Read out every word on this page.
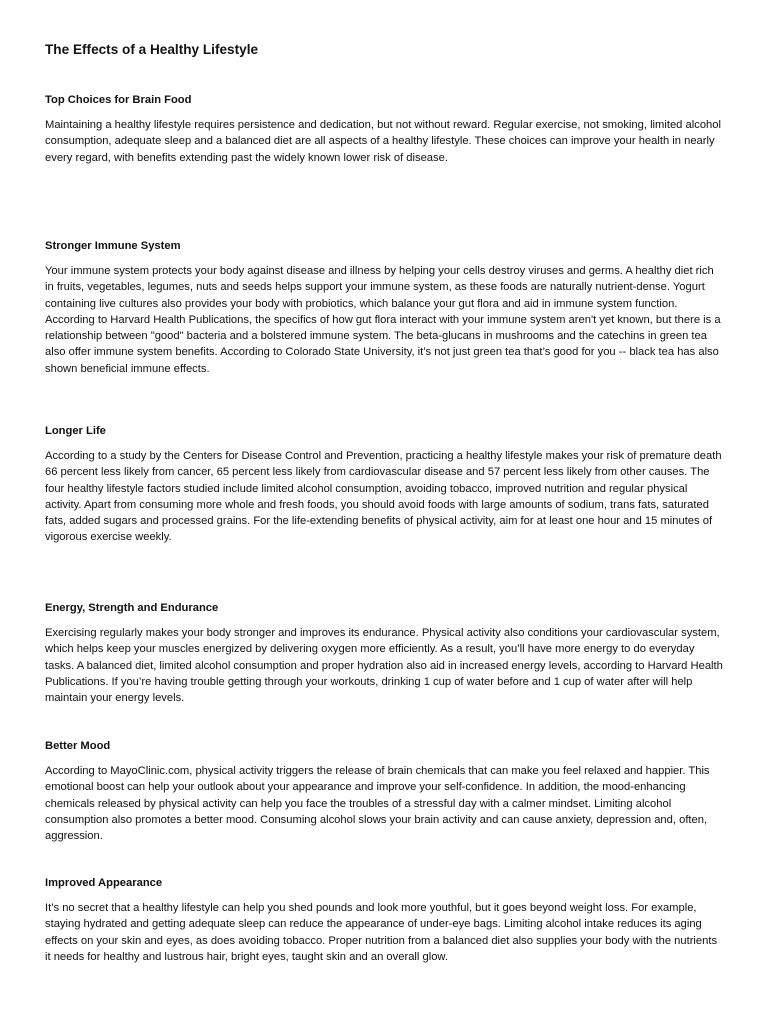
The Effects of a Healthy Lifestyle
Top Choices for Brain Food

Maintaining a healthy lifestyle requires persistence and dedication, but not without reward. Regular exercise, not smoking, limited alcohol consumption, adequate sleep and a balanced diet are all aspects of a healthy lifestyle. These choices can improve your health in nearly every regard, with benefits extending past the widely known lower risk of disease.

Stronger Immune System

Your immune system protects your body against disease and illness by helping your cells destroy viruses and germs. A healthy diet rich in fruits, vegetables, legumes, nuts and seeds helps support your immune system, as these foods are naturally nutrient-dense. Yogurt containing live cultures also provides your body with probiotics, which balance your gut flora and aid in immune system function. According to Harvard Health Publications, the specifics of how gut flora interact with your immune system aren't yet known, but there is a relationship between "good" bacteria and a bolstered immune system. The beta-glucans in mushrooms and the catechins in green tea also offer immune system benefits. According to Colorado State University, it’s not just green tea that’s good for you -- black tea has also shown beneficial immune effects.

Longer Life

According to a study by the Centers for Disease Control and Prevention, practicing a healthy lifestyle makes your risk of premature death 66 percent less likely from cancer, 65 percent less likely from cardiovascular disease and 57 percent less likely from other causes. The four healthy lifestyle factors studied include limited alcohol consumption, avoiding tobacco, improved nutrition and regular physical activity. Apart from consuming more whole and fresh foods, you should avoid foods with large amounts of sodium, trans fats, saturated fats, added sugars and processed grains. For the life-extending benefits of physical activity, aim for at least one hour and 15 minutes of vigorous exercise weekly.

Energy, Strength and Endurance

Exercising regularly makes your body stronger and improves its endurance. Physical activity also conditions your cardiovascular system, which helps keep your muscles energized by delivering oxygen more efficiently. As a result, you’ll have more energy to do everyday tasks. A balanced diet, limited alcohol consumption and proper hydration also aid in increased energy levels, according to Harvard Health Publications. If you’re having trouble getting through your workouts, drinking 1 cup of water before and 1 cup of water after will help maintain your energy levels.

Better Mood

According to MayoClinic.com, physical activity triggers the release of brain chemicals that can make you feel relaxed and happier. This emotional boost can help your outlook about your appearance and improve your self-confidence. In addition, the mood-enhancing chemicals released by physical activity can help you face the troubles of a stressful day with a calmer mindset. Limiting alcohol consumption also promotes a better mood. Consuming alcohol slows your brain activity and can cause anxiety, depression and, often, aggression.

Improved Appearance

It’s no secret that a healthy lifestyle can help you shed pounds and look more youthful, but it goes beyond weight loss. For example, staying hydrated and getting adequate sleep can reduce the appearance of under-eye bags. Limiting alcohol intake reduces its aging effects on your skin and eyes, as does avoiding tobacco. Proper nutrition from a balanced diet also supplies your body with the nutrients it needs for healthy and lustrous hair, bright eyes, taught skin and an overall glow.
